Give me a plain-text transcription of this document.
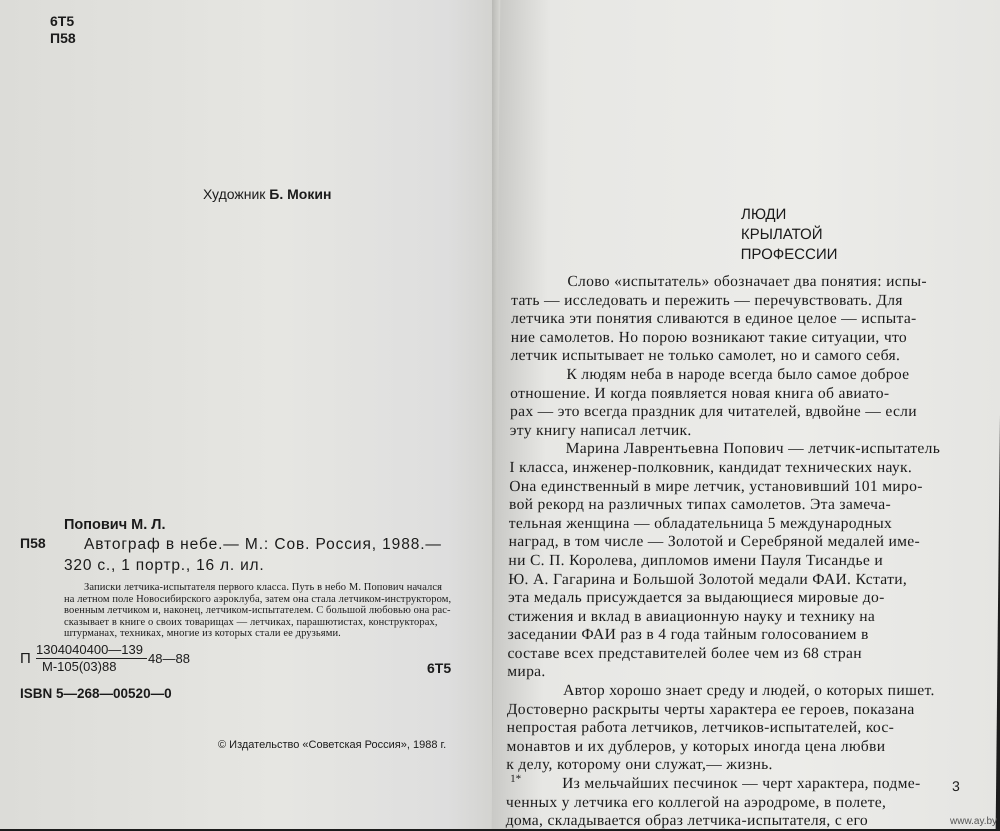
6Т5
П58
Художник Б. Мокин
Попович М. Л.
П58 Автограф в небе.— М.: Сов. Россия, 1988.—
320 с., 1 портр., 16 л. ил.
Записки летчика-испытателя первого класса. Путь в небо М. Попович начался
на летном поле Новосибирского аэроклуба, затем она стала летчиком-инструктором,
военным летчиком и, наконец, летчиком-испытателем. С большой любовью она рас-
сказывает в книге о своих товарищах — летчиках, парашютистах, конструкторах,
штурманах, техниках, многие из которых стали ее друзьями.
П
1304040400—139
М-105(03)88
48—88
6Т5
ISBN 5—268—00520—0
© Издательство «Советская Россия», 1988 г.
ЛЮДИ
КРЫЛАТОЙ
ПРОФЕССИИ
Слово «испытатель» обозначает два понятия: испы-
тать — исследовать и пережить — перечувствовать. Для
летчика эти понятия сливаются в единое целое — испыта-
ние самолетов. Но порою возникают такие ситуации, что
летчик испытывает не только самолет, но и самого себя.
К людям неба в народе всегда было самое доброе
отношение. И когда появляется новая книга об авиато-
рах — это всегда праздник для читателей, вдвойне — если
эту книгу написал летчик.
Марина Лаврентьевна Попович — летчик-испытатель
I класса, инженер-полковник, кандидат технических наук.
Она единственный в мире летчик, установивший 101 миро-
вой рекорд на различных типах самолетов. Эта замеча-
тельная женщина — обладательница 5 международных
наград, в том числе — Золотой и Серебряной медалей име-
ни С. П. Королева, дипломов имени Пауля Тисандье и
Ю. А. Гагарина и Большой Золотой медали ФАИ. Кстати,
эта медаль присуждается за выдающиеся мировые до-
стижения и вклад в авиационную науку и технику на
заседании ФАИ раз в 4 года тайным голосованием в
составе всех представителей более чем из 68 стран
мира.
Автор хорошо знает среду и людей, о которых пишет.
Достоверно раскрыты черты характера ее героев, показана
непростая работа летчиков, летчиков-испытателей, кос-
монавтов и их дублеров, у которых иногда цена любви
к делу, которому они служат,— жизнь.
Из мельчайших песчинок — черт характера, подме-
ченных у летчика его коллегой на аэродроме, в полете,
дома, складывается образ летчика-испытателя, с его
1*	3
www.ay.by
